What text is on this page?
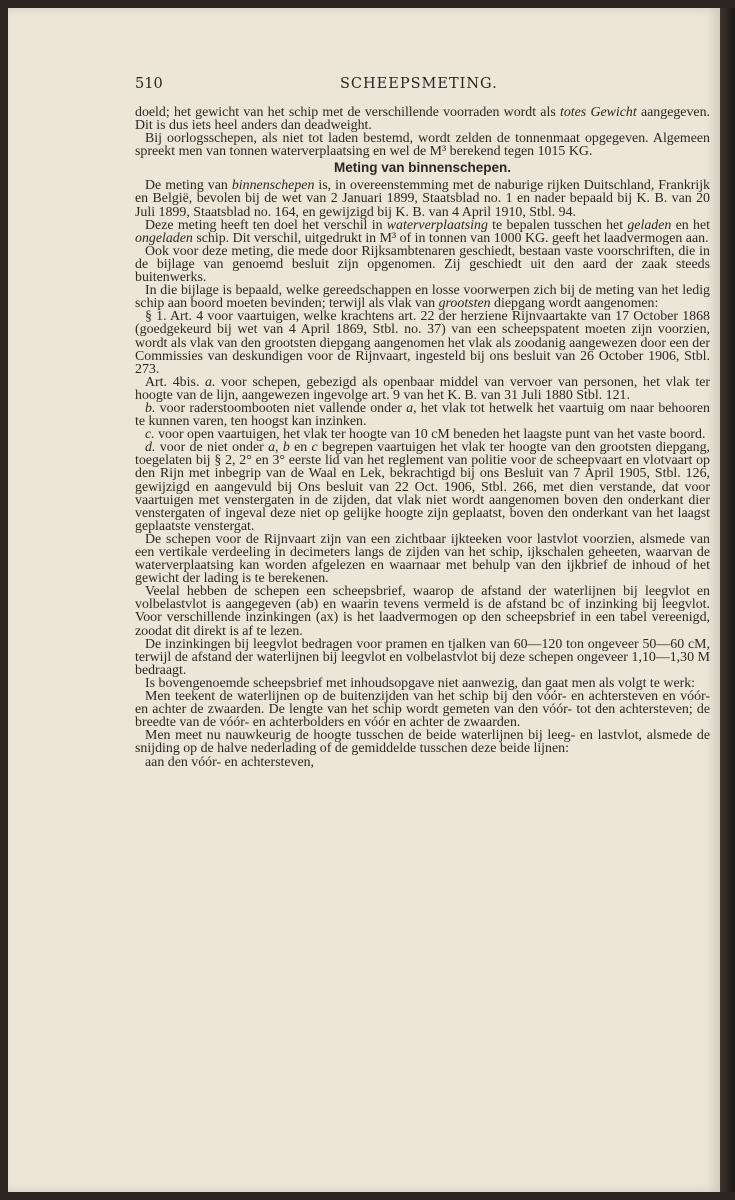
510	SCHEEPSMETING.

doeld; het gewicht van het schip met de verschillende voorraden wordt als totes Gewicht aangegeven. Dit is dus iets heel anders dan deadweight.

Bij oorlogsschepen, als niet tot laden bestemd, wordt zelden de tonnenmaat opgegeven. Algemeen spreekt men van tonnen waterverplaatsing en wel de M³ berekend tegen 1015 KG.

Meting van binnenschepen.

De meting van binnenschepen is, in overeenstemming met de naburige rijken Duitschland, Frankrijk en België, bevolen bij de wet van 2 Januari 1899, Staatsblad no. 1 en nader bepaald bij K. B. van 20 Juli 1899, Staatsblad no. 164, en gewijzigd bij K. B. van 4 April 1910, Stbl. 94.

Deze meting heeft ten doel het verschil in waterverplaatsing te bepalen tusschen het geladen en het ongeladen schip. Dit verschil, uitgedrukt in M³ of in tonnen van 1000 KG. geeft het laadvermogen aan.

Ook voor deze meting, die mede door Rijksambtenaren geschiedt, bestaan vaste voorschriften, die in de bijlage van genoemd besluit zijn opgenomen. Zij geschiedt uit den aard der zaak steeds buitenwerks.

In die bijlage is bepaald, welke gereedschappen en losse voorwerpen zich bij de meting van het ledig schip aan boord moeten bevinden; terwijl als vlak van grootsten diepgang wordt aangenomen:

§ 1. Art. 4 voor vaartuigen, welke krachtens art. 22 der herziene Rijnvaartakte van 17 October 1868 (goedgekeurd bij wet van 4 April 1869, Stbl. no. 37) van een scheepspatent moeten zijn voorzien, wordt als vlak van den grootsten diepgang aangenomen het vlak als zoodanig aangewezen door een der Commissies van deskundigen voor de Rijnvaart, ingesteld bij ons besluit van 26 October 1906, Stbl. 273.

Art. 4bis. a. voor schepen, gebezigd als openbaar middel van vervoer van personen, het vlak ter hoogte van de lijn, aangewezen ingevolge art. 9 van het K. B. van 31 Juli 1880 Stbl. 121.

b. voor raderstoombooten niet vallende onder a, het vlak tot hetwelk het vaartuig om naar behooren te kunnen varen, ten hoogst kan inzinken.

c. voor open vaartuigen, het vlak ter hoogte van 10 cM beneden het laagste punt van het vaste boord.

d. voor de niet onder a, b en c begrepen vaartuigen het vlak ter hoogte van den grootsten diepgang, toegelaten bij § 2, 2° en 3° eerste lid van het reglement van politie voor de scheepvaart en vlotvaart op den Rijn met inbegrip van de Waal en Lek, bekrachtigd bij ons Besluit van 7 April 1905, Stbl. 126, gewijzigd en aangevuld bij Ons besluit van 22 Oct. 1906, Stbl. 266, met dien verstande, dat voor vaartuigen met venstergaten in de zijden, dat vlak niet wordt aangenomen boven den onderkant dier venstergaten of ingeval deze niet op gelijke hoogte zijn geplaatst, boven den onderkant van het laagst geplaatste venstergat.

De schepen voor de Rijnvaart zijn van een zichtbaar ijkteeken voor lastvlot voorzien, alsmede van een vertikale verdeeling in decimeters langs de zijden van het schip, ijkschalen geheeten, waarvan de waterverplaatsing kan worden afgelezen en waarnaar met behulp van den ijkbrief de inhoud of het gewicht der lading is te berekenen.

Veelal hebben de schepen een scheepsbrief, waarop de afstand der waterlijnen bij leegvlot en volbelastvlot is aangegeven (ab) en waarin tevens vermeld is de afstand bc of inzinking bij leegvlot. Voor verschillende inzinkingen (ax) is het laadvermogen op den scheepsbrief in een tabel vereenigd, zoodat dit direkt is af te lezen.

De inzinkingen bij leegvlot bedragen voor pramen en tjalken van 60—120 ton ongeveer 50—60 cM, terwijl de afstand der waterlijnen bij leegvlot en volbelastvlot bij deze schepen ongeveer 1,10—1,30 M bedraagt.

Is bovengenoemde scheepsbrief met inhoudsopgave niet aanwezig, dan gaat men als volgt te werk:

Men teekent de waterlijnen op de buitenzijden van het schip bij den vóór- en achtersteven en vóór- en achter de zwaarden. De lengte van het schip wordt gemeten van den vóór- tot den achtersteven; de breedte van de vóór- en achterbolders en vóór en achter de zwaarden.

Men meet nu nauwkeurig de hoogte tusschen de beide waterlijnen bij leeg- en lastvlot, alsmede de snijding op de halve nederlading of de gemiddelde tusschen deze beide lijnen:

aan den vóór- en achtersteven,
